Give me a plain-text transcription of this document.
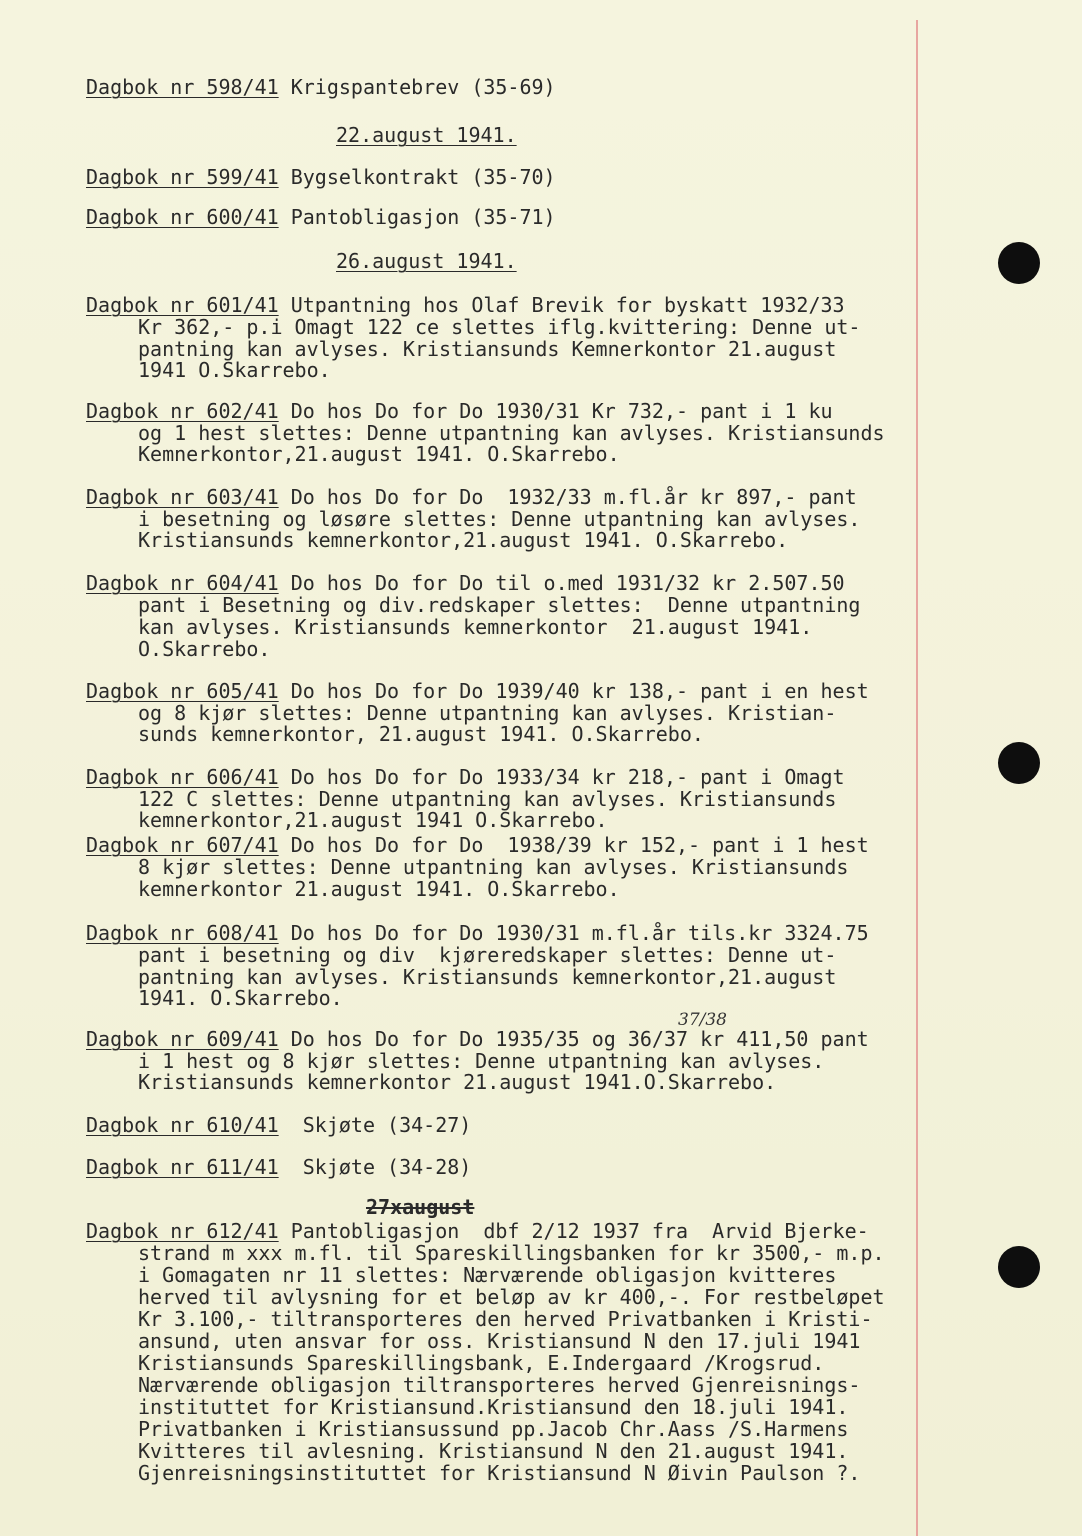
Dagbok nr 598/41 Krigspantebrev (35-69)
22.august 1941.
Dagbok nr 599/41 Bygselkontrakt (35-70)
Dagbok nr 600/41 Pantobligasjon (35-71)
26.august 1941.
Dagbok nr 601/41 Utpantning hos Olaf Brevik for byskatt 1932/33
Kr 362,- p.i Omagt 122 ce slettes iflg.kvittering: Denne ut-
pantning kan avlyses. Kristiansunds Kemnerkontor 21.august
1941 O.Skarrebo.
Dagbok nr 602/41 Do hos Do for Do 1930/31 Kr 732,- pant i 1 ku
og 1 hest slettes: Denne utpantning kan avlyses. Kristiansunds
Kemnerkontor,21.august 1941. O.Skarrebo.
Dagbok nr 603/41 Do hos Do for Do  1932/33 m.fl.år kr 897,- pant
i besetning og løsøre slettes: Denne utpantning kan avlyses.
Kristiansunds kemnerkontor,21.august 1941. O.Skarrebo.
Dagbok nr 604/41 Do hos Do for Do til o.med 1931/32 kr 2.507.50
pant i Besetning og div.redskaper slettes:  Denne utpantning
kan avlyses. Kristiansunds kemnerkontor  21.august 1941.
O.Skarrebo.
Dagbok nr 605/41 Do hos Do for Do 1939/40 kr 138,- pant i en hest
og 8 kjør slettes: Denne utpantning kan avlyses. Kristian-
sunds kemnerkontor, 21.august 1941. O.Skarrebo.
Dagbok nr 606/41 Do hos Do for Do 1933/34 kr 218,- pant i Omagt
122 C slettes: Denne utpantning kan avlyses. Kristiansunds
kemnerkontor,21.august 1941 O.Skarrebo.
Dagbok nr 607/41 Do hos Do for Do  1938/39 kr 152,- pant i 1 hest
8 kjør slettes: Denne utpantning kan avlyses. Kristiansunds
kemnerkontor 21.august 1941. O.Skarrebo.
Dagbok nr 608/41 Do hos Do for Do 1930/31 m.fl.år tils.kr 3324.75
pant i besetning og div  kjøreredskaper slettes: Denne ut-
pantning kan avlyses. Kristiansunds kemnerkontor,21.august
1941. O.Skarrebo.
37/38
Dagbok nr 609/41 Do hos Do for Do 1935/35 og 36/37 kr 411,50 pant
i 1 hest og 8 kjør slettes: Denne utpantning kan avlyses.
Kristiansunds kemnerkontor 21.august 1941.O.Skarrebo.
Dagbok nr 610/41  Skjøte (34-27)
Dagbok nr 611/41  Skjøte (34-28)
27xaugust
Dagbok nr 612/41 Pantobligasjon  dbf 2/12 1937 fra  Arvid Bjerke-
strand m xxx m.fl. til Spareskillingsbanken for kr 3500,- m.p.
i Gomagaten nr 11 slettes: Nærværende obligasjon kvitteres
herved til avlysning for et beløp av kr 400,-. For restbeløpet
Kr 3.100,- tiltransporteres den herved Privatbanken i Kristi-
ansund, uten ansvar for oss. Kristiansund N den 17.juli 1941
Kristiansunds Spareskillingsbank, E.Indergaard /Krogsrud.
Nærværende obligasjon tiltransporteres herved Gjenreisnings-
instituttet for Kristiansund.Kristiansund den 18.juli 1941.
Privatbanken i Kristiansussund pp.Jacob Chr.Aass /S.Harmens
Kvitteres til avlesning. Kristiansund N den 21.august 1941.
Gjenreisningsinstituttet for Kristiansund N Øivin Paulson ?.
